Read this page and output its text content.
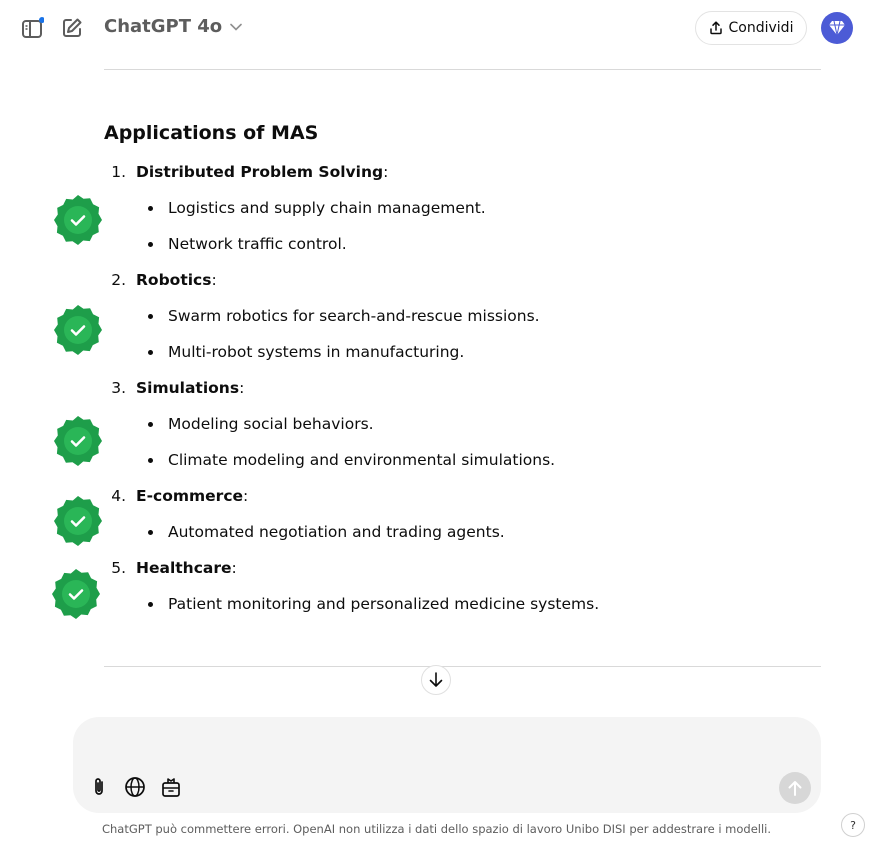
ChatGPT 4o	Condividi
Applications of MAS
1. Distributed Problem Solving:
Logistics and supply chain management.
Network traffic control.
2. Robotics:
Swarm robotics for search-and-rescue missions.
Multi-robot systems in manufacturing.
3. Simulations:
Modeling social behaviors.
Climate modeling and environmental simulations.
4. E-commerce:
Automated negotiation and trading agents.
5. Healthcare:
Patient monitoring and personalized medicine systems.
ChatGPT può commettere errori. OpenAI non utilizza i dati dello spazio di lavoro Unibo DISI per addestrare i modelli.	?
